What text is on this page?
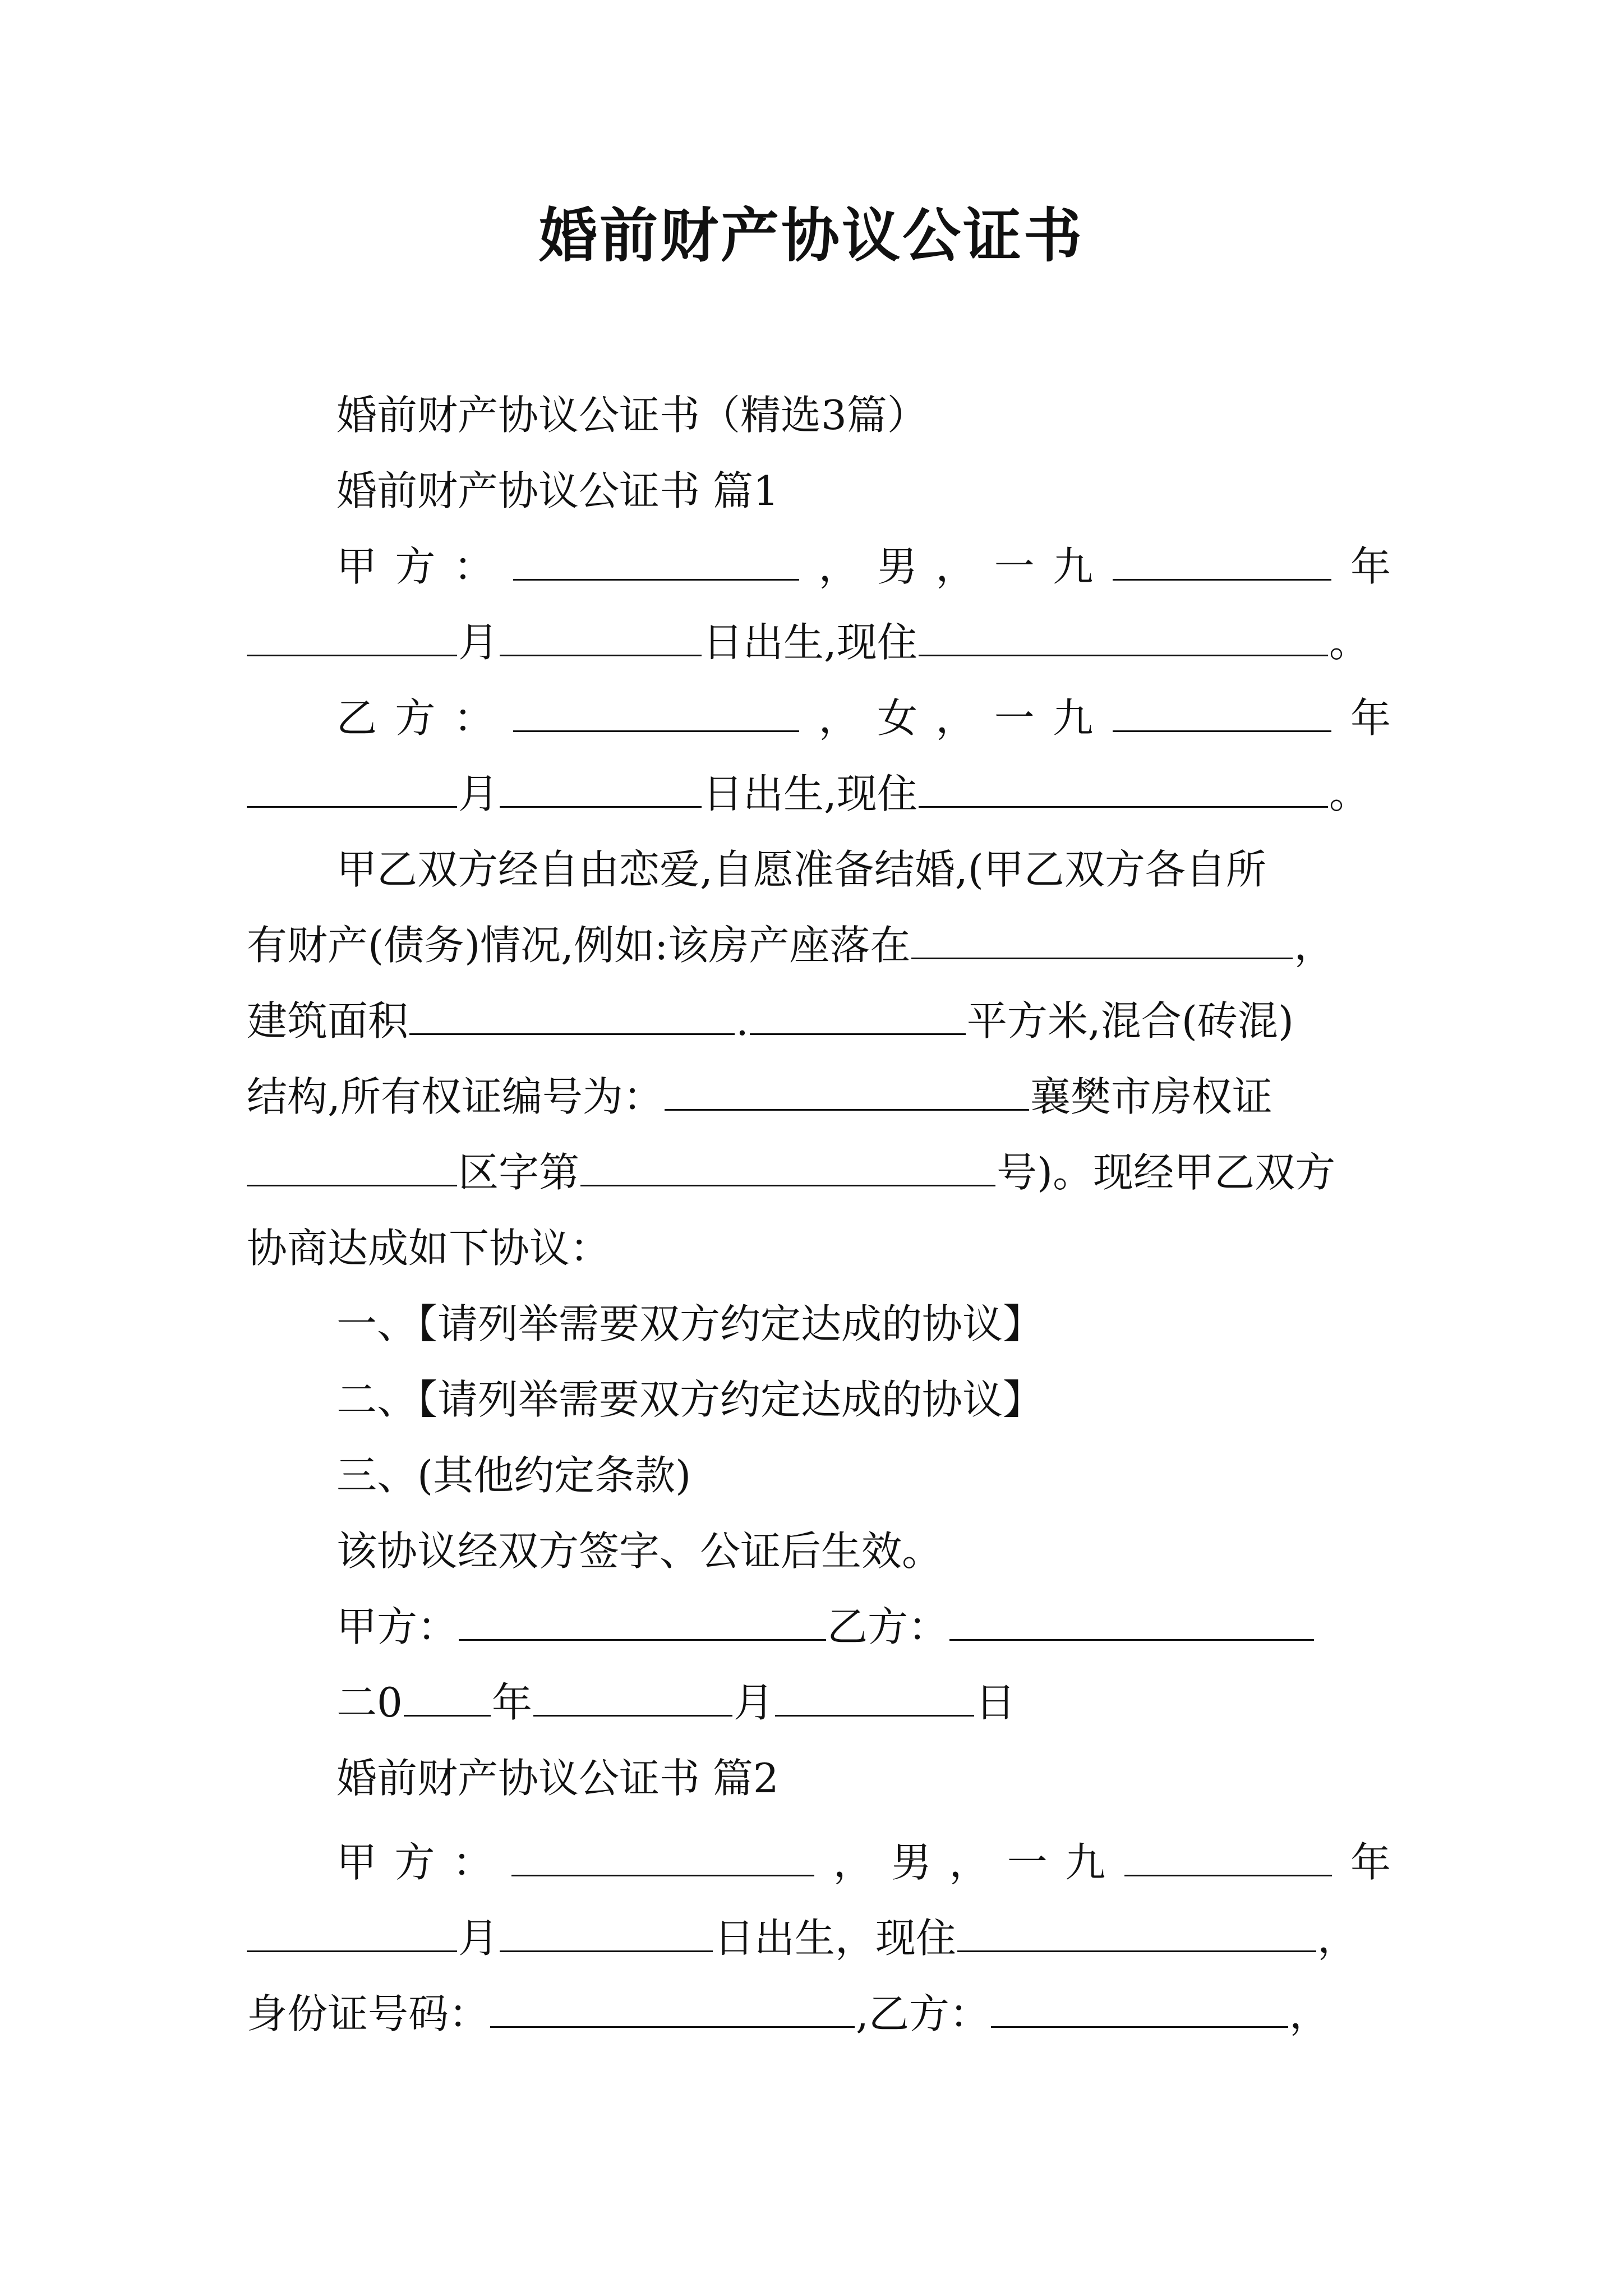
婚前财产协议公证书
婚前财产协议公证书（精选3篇）
婚前财产协议公证书 篇1
甲方：	，男，一九	年
月	日出生,现住	。
乙方：	，女，一九	年
月	日出生,现住	。
甲乙双方经自由恋爱,自愿准备结婚,(甲乙双方各自所
有财产(债务)情况,例如:该房产座落在	，
建筑面积	.	平方米,混合(砖混)
结构,所有权证编号为：	襄樊市房权证
区字第	号)。现经甲乙双方
协商达成如下协议：
一、【请列举需要双方约定达成的协议】
二、【请列举需要双方约定达成的协议】
三、(其他约定条款)
该协议经双方签字、公证后生效。
甲方：	乙方：
二0 年	月	日
婚前财产协议公证书 篇2
甲方：	，男，一九	年
月	日出生，现住	，
身份证号码：	,乙方：	，
